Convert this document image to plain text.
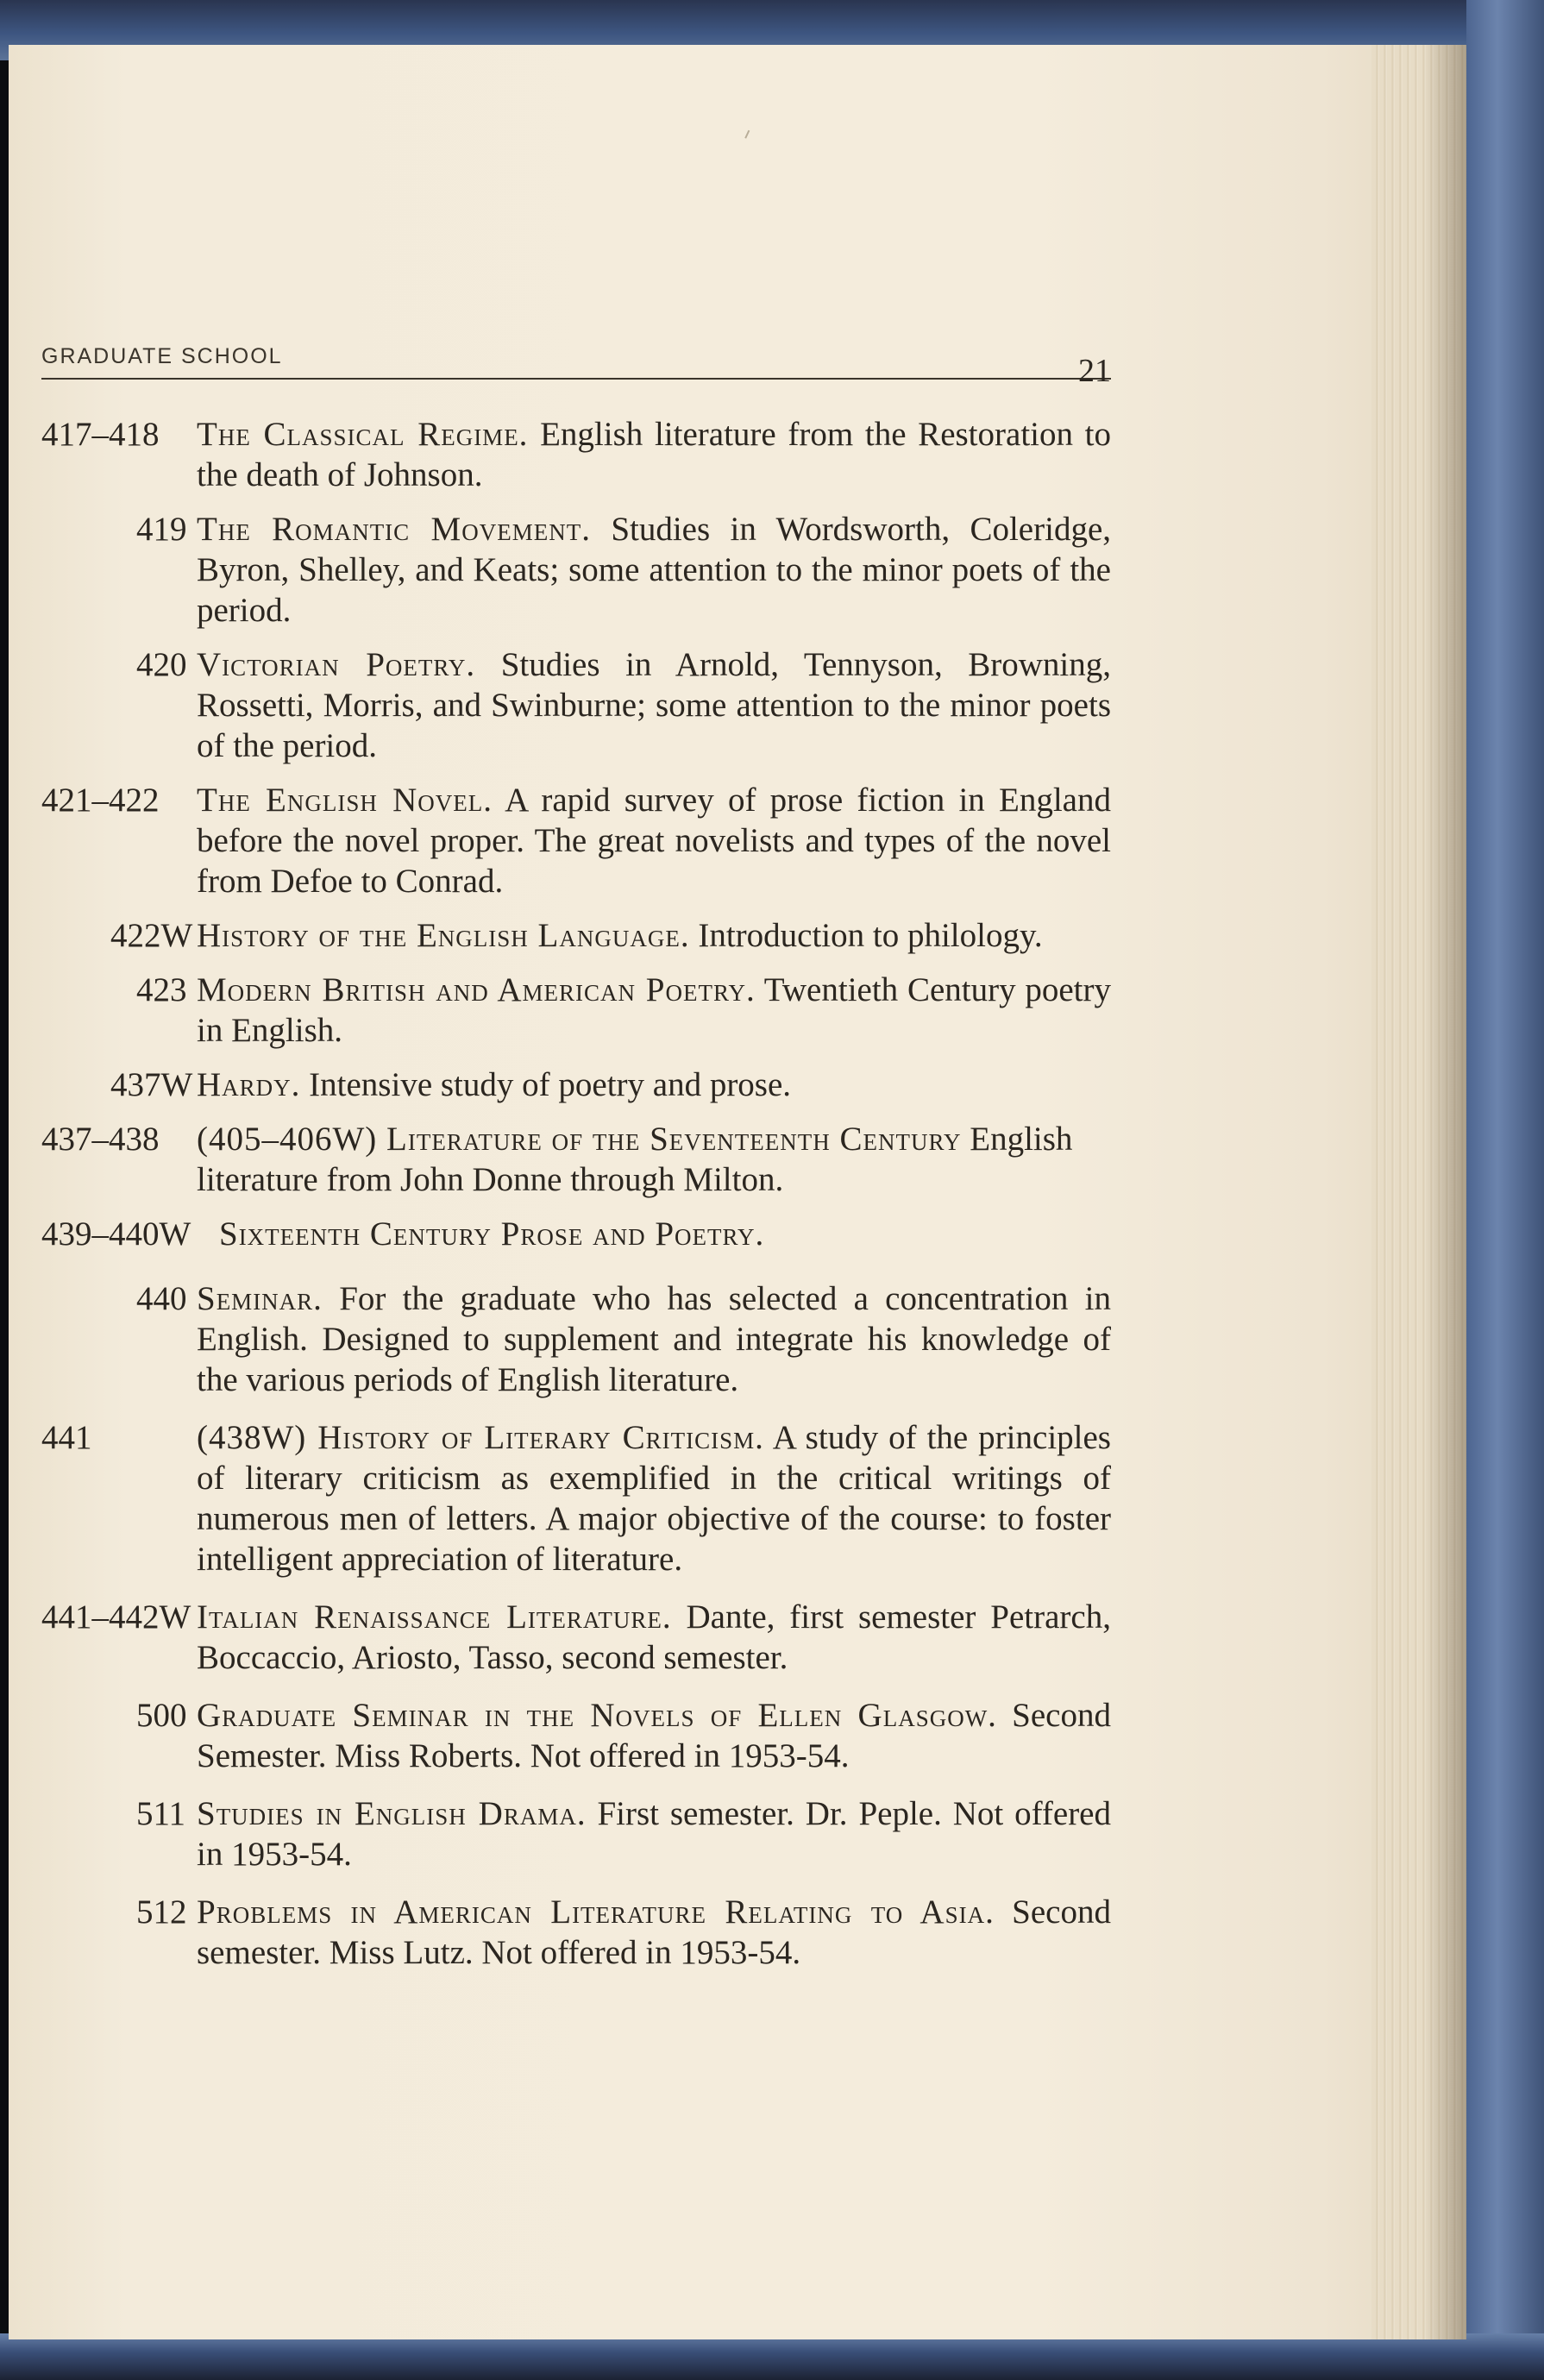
GRADUATE SCHOOL	21
417–418 The Classical Regime. English literature from the Restoration to the death of Johnson.
419 The Romantic Movement. Studies in Wordsworth, Coleridge, Byron, Shelley, and Keats; some attention to the minor poets of the period.
420 Victorian Poetry. Studies in Arnold, Tennyson, Browning, Rossetti, Morris, and Swinburne; some attention to the minor poets of the period.
421–422 The English Novel. A rapid survey of prose fiction in England before the novel proper. The great novelists and types of the novel from Defoe to Conrad.
422W History of the English Language. Introduction to philology.
423 Modern British and American Poetry. Twentieth Century poetry in English.
437W Hardy. Intensive study of poetry and prose.
437–438 (405–406W) Literature of the Seventeenth Century English literature from John Donne through Milton.
439–440W Sixteenth Century Prose and Poetry.
440 Seminar. For the graduate who has selected a concentration in English. Designed to supplement and integrate his knowledge of the various periods of English literature.
441	(438W) History of Literary Criticism. A study of the principles of literary criticism as exemplified in the critical writings of numerous men of letters. A major objective of the course: to foster intelligent appreciation of literature.
441–442W Italian Renaissance Literature. Dante, first semester Petrarch, Boccaccio, Ariosto, Tasso, second semester.
500 Graduate Seminar in the Novels of Ellen Glasgow. Second Semester. Miss Roberts. Not offered in 1953-54.
511 Studies in English Drama. First semester. Dr. Peple. Not offered in 1953-54.
512 Problems in American Literature Relating to Asia. Second semester. Miss Lutz. Not offered in 1953-54.
